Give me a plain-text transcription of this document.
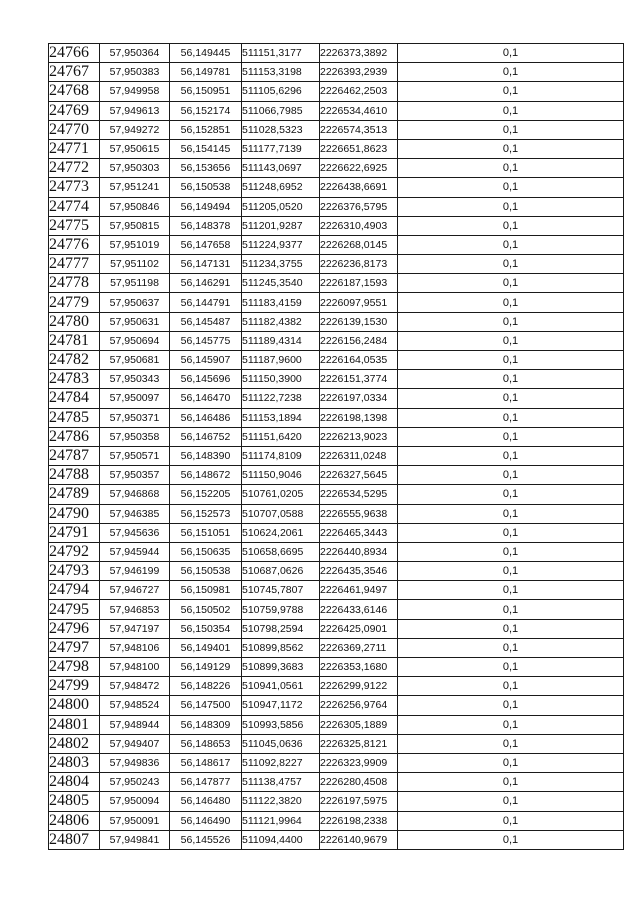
24766	57,950364	56,149445	511151,3177	2226373,3892	0,1
24767	57,950383	56,149781	511153,3198	2226393,2939	0,1
24768	57,949958	56,150951	511105,6296	2226462,2503	0,1
24769	57,949613	56,152174	511066,7985	2226534,4610	0,1
24770	57,949272	56,152851	511028,5323	2226574,3513	0,1
24771	57,950615	56,154145	511177,7139	2226651,8623	0,1
24772	57,950303	56,153656	511143,0697	2226622,6925	0,1
24773	57,951241	56,150538	511248,6952	2226438,6691	0,1
24774	57,950846	56,149494	511205,0520	2226376,5795	0,1
24775	57,950815	56,148378	511201,9287	2226310,4903	0,1
24776	57,951019	56,147658	511224,9377	2226268,0145	0,1
24777	57,951102	56,147131	511234,3755	2226236,8173	0,1
24778	57,951198	56,146291	511245,3540	2226187,1593	0,1
24779	57,950637	56,144791	511183,4159	2226097,9551	0,1
24780	57,950631	56,145487	511182,4382	2226139,1530	0,1
24781	57,950694	56,145775	511189,4314	2226156,2484	0,1
24782	57,950681	56,145907	511187,9600	2226164,0535	0,1
24783	57,950343	56,145696	511150,3900	2226151,3774	0,1
24784	57,950097	56,146470	511122,7238	2226197,0334	0,1
24785	57,950371	56,146486	511153,1894	2226198,1398	0,1
24786	57,950358	56,146752	511151,6420	2226213,9023	0,1
24787	57,950571	56,148390	511174,8109	2226311,0248	0,1
24788	57,950357	56,148672	511150,9046	2226327,5645	0,1
24789	57,946868	56,152205	510761,0205	2226534,5295	0,1
24790	57,946385	56,152573	510707,0588	2226555,9638	0,1
24791	57,945636	56,151051	510624,2061	2226465,3443	0,1
24792	57,945944	56,150635	510658,6695	2226440,8934	0,1
24793	57,946199	56,150538	510687,0626	2226435,3546	0,1
24794	57,946727	56,150981	510745,7807	2226461,9497	0,1
24795	57,946853	56,150502	510759,9788	2226433,6146	0,1
24796	57,947197	56,150354	510798,2594	2226425,0901	0,1
24797	57,948106	56,149401	510899,8562	2226369,2711	0,1
24798	57,948100	56,149129	510899,3683	2226353,1680	0,1
24799	57,948472	56,148226	510941,0561	2226299,9122	0,1
24800	57,948524	56,147500	510947,1172	2226256,9764	0,1
24801	57,948944	56,148309	510993,5856	2226305,1889	0,1
24802	57,949407	56,148653	511045,0636	2226325,8121	0,1
24803	57,949836	56,148617	511092,8227	2226323,9909	0,1
24804	57,950243	56,147877	511138,4757	2226280,4508	0,1
24805	57,950094	56,146480	511122,3820	2226197,5975	0,1
24806	57,950091	56,146490	511121,9964	2226198,2338	0,1
24807	57,949841	56,145526	511094,4400	2226140,9679	0,1
